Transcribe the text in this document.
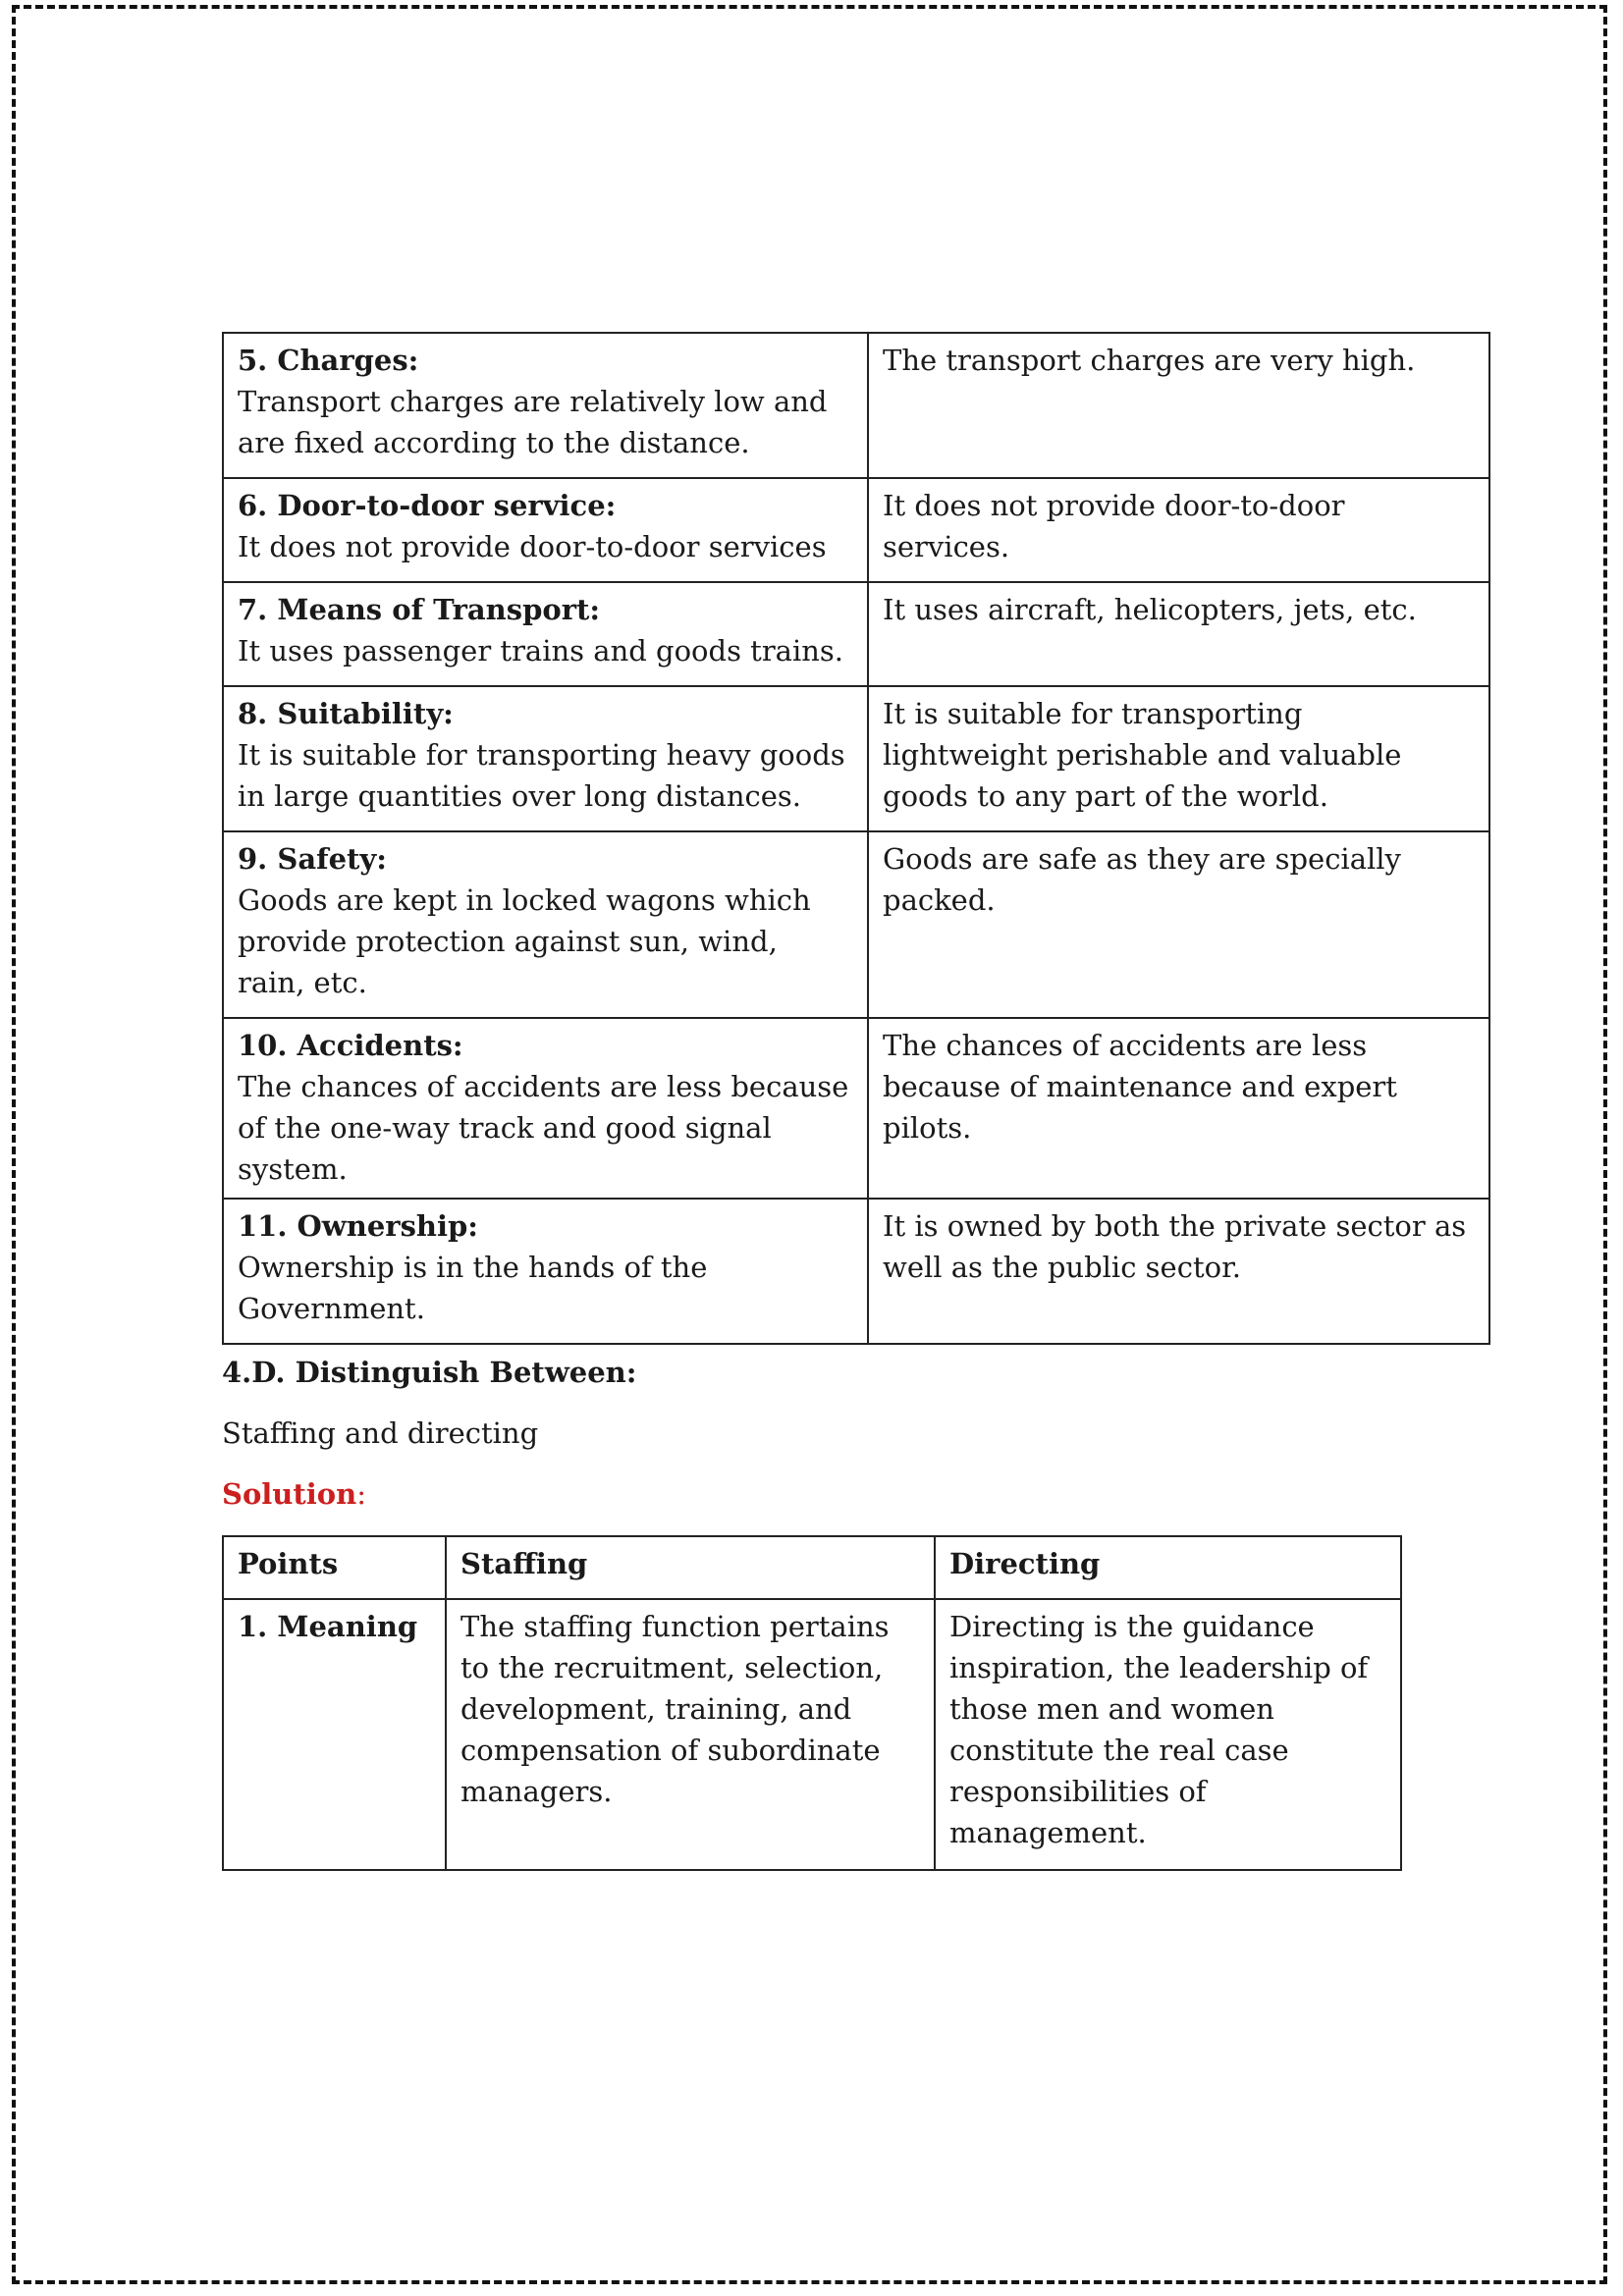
5. Charges:
Transport charges are relatively low and are fixed according to the distance.	The transport charges are very high.

6. Door-to-door service:
It does not provide door-to-door services	It does not provide door-to-door services.

7. Means of Transport:
It uses passenger trains and goods trains.	It uses aircraft, helicopters, jets, etc.

8. Suitability:
It is suitable for transporting heavy goods in large quantities over long distances.	It is suitable for transporting lightweight perishable and valuable goods to any part of the world.

9. Safety:
Goods are kept in locked wagons which provide protection against sun, wind, rain, etc.	Goods are safe as they are specially packed.

10. Accidents:
The chances of accidents are less because of the one-way track and good signal system.	The chances of accidents are less because of maintenance and expert pilots.

11. Ownership:
Ownership is in the hands of the Government.	It is owned by both the private sector as well as the public sector.
4.D. Distinguish Between:
Staffing and directing
Solution:
Points	Staffing	Directing

1. Meaning	The staffing function pertains to the recruitment, selection, development, training, and compensation of subordinate managers.	Directing is the guidance inspiration, the leadership of those men and women constitute the real case responsibilities of management.
